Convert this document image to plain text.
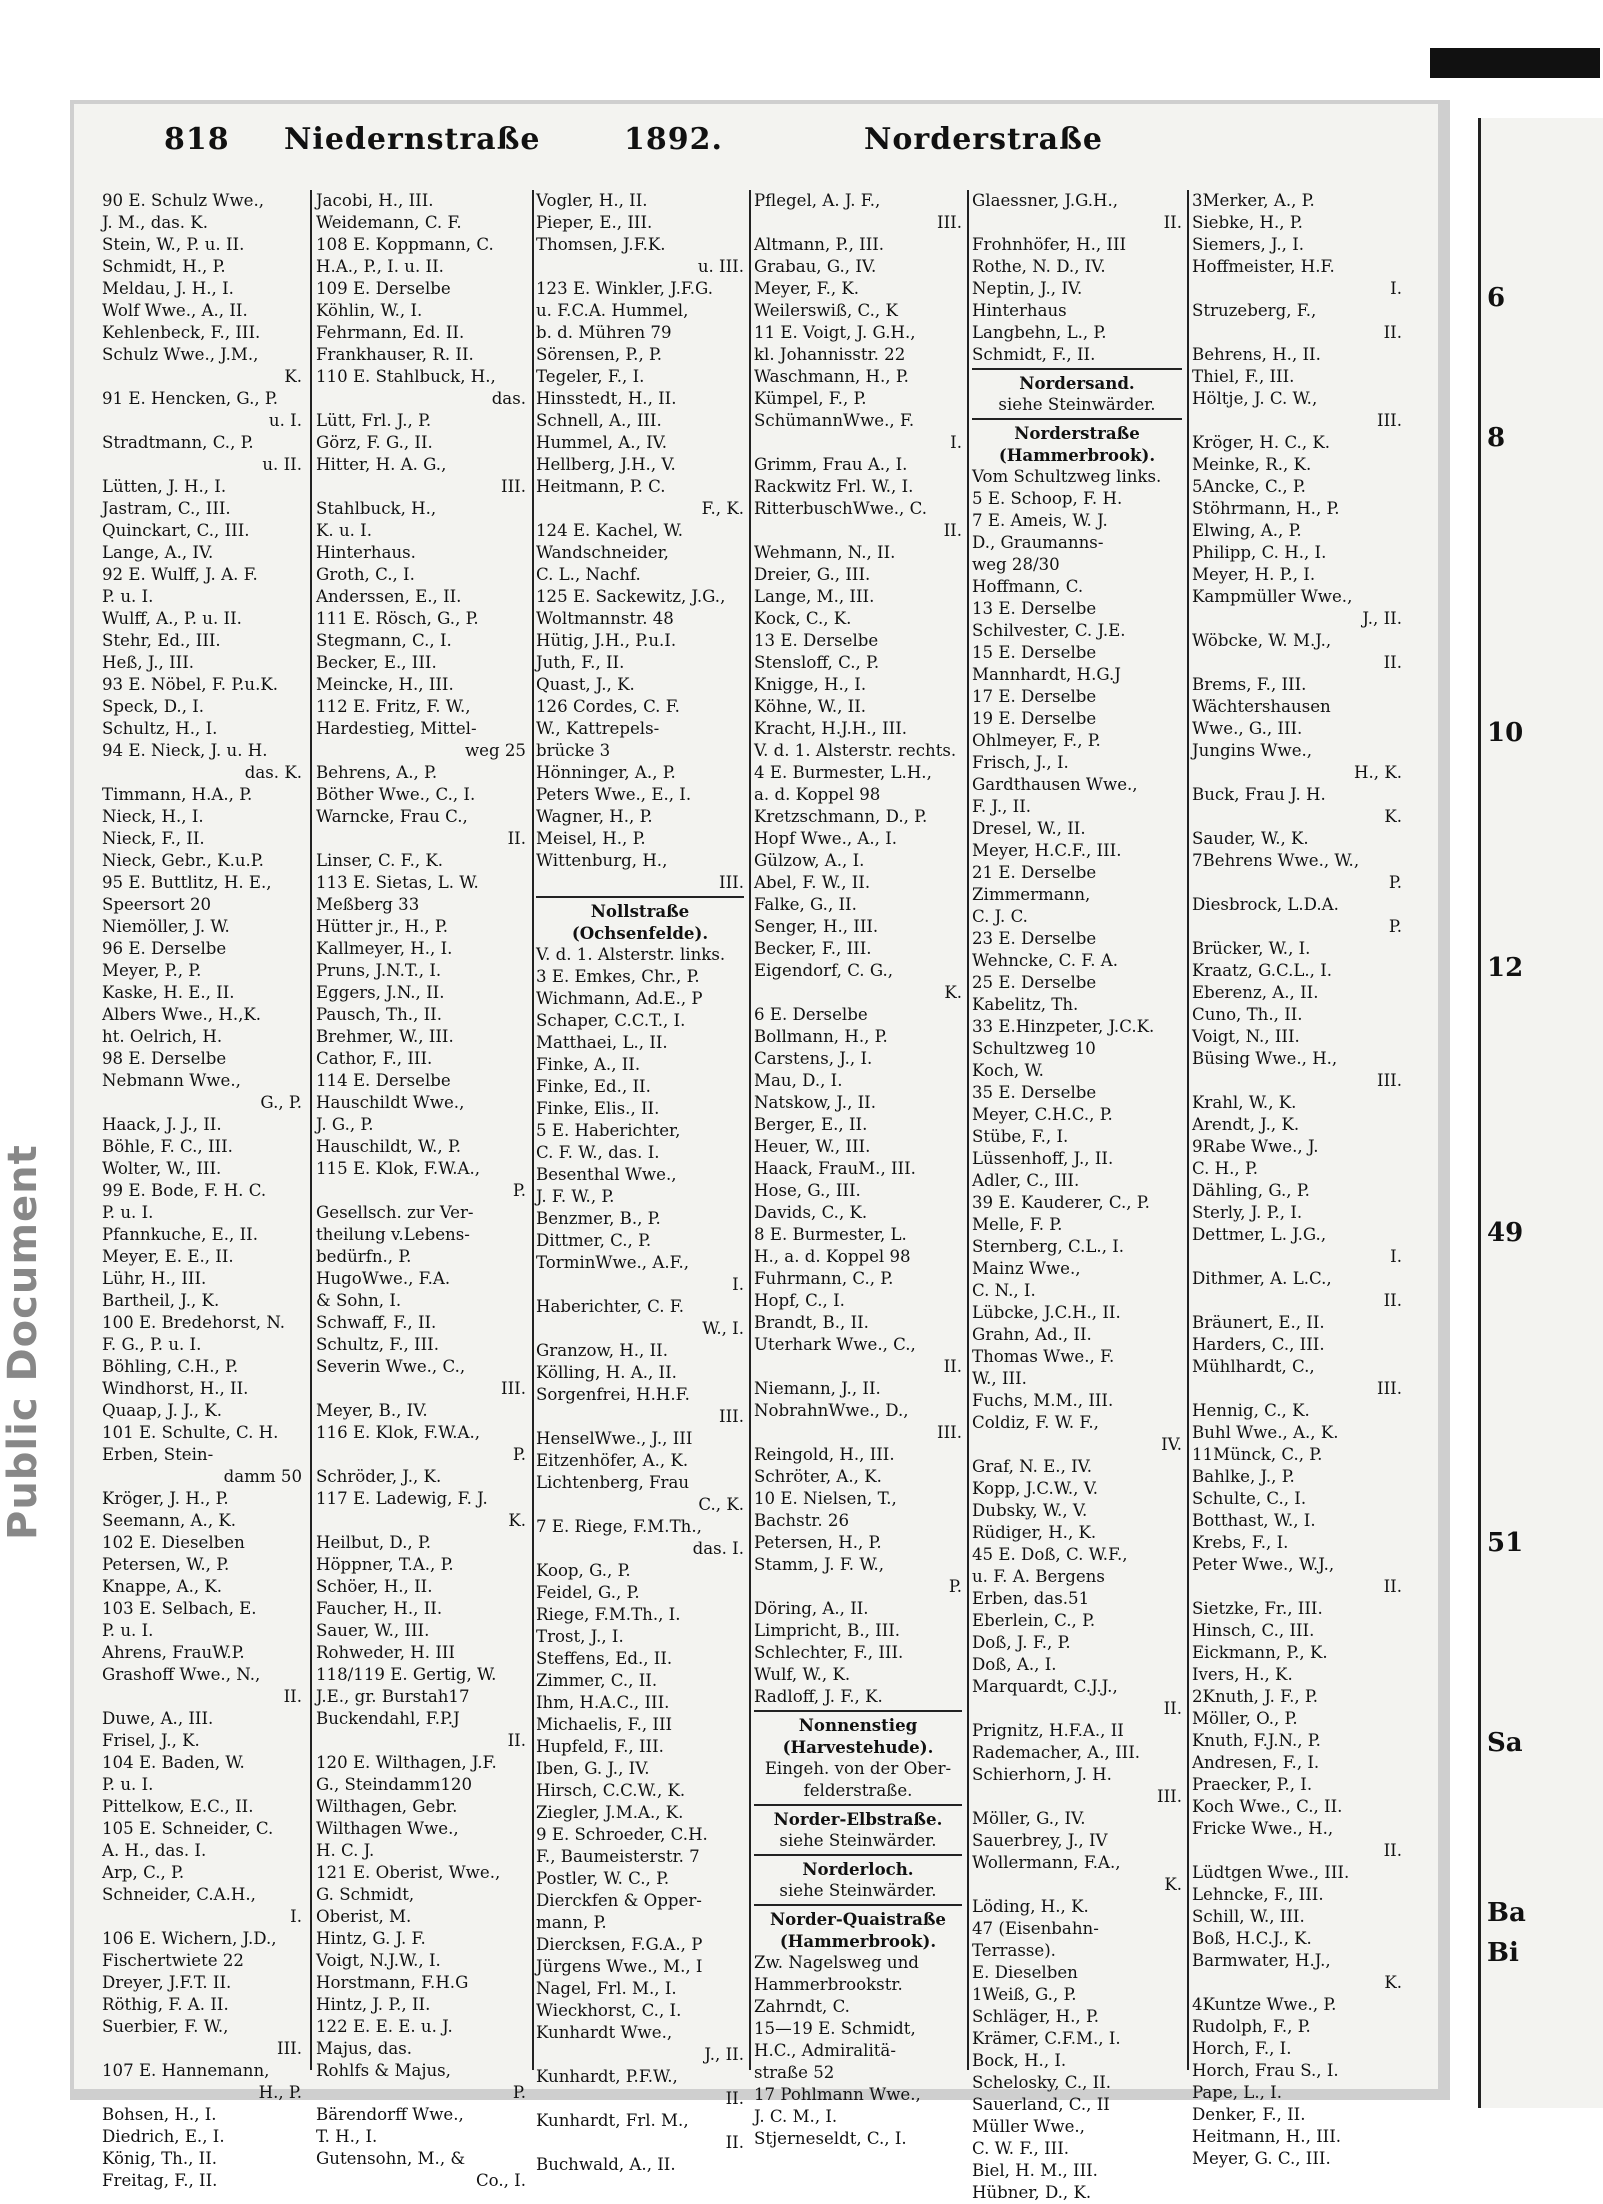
Public Document
818 Niedernstraße	1892.	Norderstraße
90 E. Schulz Wwe.,
J. M., das. K.
Stein, W., P. u. II.
Schmidt, H., P.
Meldau, J. H., I.
Wolf Wwe., A., II.
Kehlenbeck, F., III.
Schulz Wwe., J.M.,
K.
91 E. Hencken, G., P.
u. I.
Stradtmann, C., P.
u. II.
Lütten, J. H., I.
Jastram, C., III.
Quinckart, C., III.
Lange, A., IV.
92 E. Wulff, J. A. F.
P. u. I.
Wulff, A., P. u. II.
Stehr, Ed., III.
Heß, J., III.
93 E. Nöbel, F. P.u.K.
Speck, D., I.
Schultz, H., I.
94 E. Nieck, J. u. H.
das. K.
Timmann, H.A., P.
Nieck, H., I.
Nieck, F., II.
Nieck, Gebr., K.u.P.
95 E. Buttlitz, H. E.,
Speersort 20
Niemöller, J. W.
96 E. Derselbe
Meyer, P., P.
Kaske, H. E., II.
Albers Wwe., H.,K.
ht. Oelrich, H.
98 E. Derselbe
Nebmann Wwe.,
G., P.
Haack, J. J., II.
Böhle, F. C., III.
Wolter, W., III.
99 E. Bode, F. H. C.
P. u. I.
Pfannkuche, E., II.
Meyer, E. E., II.
Lühr, H., III.
Bartheil, J., K.
100 E. Bredehorst, N.
F. G., P. u. I.
Böhling, C.H., P.
Windhorst, H., II.
Quaap, J. J., K.
101 E. Schulte, C. H.
Erben, Stein-
damm 50
Kröger, J. H., P.
Seemann, A., K.
102 E. Dieselben
Petersen, W., P.
Knappe, A., K.
103 E. Selbach, E.
P. u. I.
Ahrens, FrauW.P.
Grashoff Wwe., N.,
II.
Duwe, A., III.
Frisel, J., K.
104 E. Baden, W.
P. u. I.
Pittelkow, E.C., II.
105 E. Schneider, C.
A. H., das. I.
Arp, C., P.
Schneider, C.A.H.,
I.
106 E. Wichern, J.D.,
Fischertwiete 22
Dreyer, J.F.T. II.
Röthig, F. A. II.
Suerbier, F. W.,
III.
107 E. Hannemann,
H., P.
Bohsen, H., I.
Diedrich, E., I.
König, Th., II.
Freitag, F., II.
Jacobi, H., III.
Weidemann, C. F.
108 E. Koppmann, C.
H.A., P., I. u. II.
109 E. Derselbe
Köhlin, W., I.
Fehrmann, Ed. II.
Frankhauser, R. II.
110 E. Stahlbuck, H.,
das.
Lütt, Frl. J., P.
Görz, F. G., II.
Hitter, H. A. G.,
III.
Stahlbuck, H.,
K. u. I.
Hinterhaus.
Groth, C., I.
Anderssen, E., II.
111 E. Rösch, G., P.
Stegmann, C., I.
Becker, E., III.
Meincke, H., III.
112 E. Fritz, F. W.,
Hardestieg, Mittel-
weg 25
Behrens, A., P.
Böther Wwe., C., I.
Warncke, Frau C.,
II.
Linser, C. F., K.
113 E. Sietas, L. W.
Meßberg 33
Hütter jr., H., P.
Kallmeyer, H., I.
Pruns, J.N.T., I.
Eggers, J.N., II.
Pausch, Th., II.
Brehmer, W., III.
Cathor, F., III.
114 E. Derselbe
Hauschildt Wwe.,
J. G., P.
Hauschildt, W., P.
115 E. Klok, F.W.A.,
P.
Gesellsch. zur Ver-
theilung v.Lebens-
bedürfn., P.
HugoWwe., F.A.
& Sohn, I.
Schwaff, F., II.
Schultz, F., III.
Severin Wwe., C.,
III.
Meyer, B., IV.
116 E. Klok, F.W.A.,
P.
Schröder, J., K.
117 E. Ladewig, F. J.
K.
Heilbut, D., P.
Höppner, T.A., P.
Schöer, H., II.
Faucher, H., II.
Sauer, W., III.
Rohweder, H. III
118/119 E. Gertig, W.
J.E., gr. Burstah17
Buckendahl, F.P.J
II.
120 E. Wilthagen, J.F.
G., Steindamm120
Wilthagen, Gebr.
Wilthagen Wwe.,
H. C. J.
121 E. Oberist, Wwe.,
G. Schmidt,
Oberist, M.
Hintz, G. J. F.
Voigt, N.J.W., I.
Horstmann, F.H.G
Hintz, J. P., II.
122 E. E. E. u. J.
Majus, das.
Rohlfs & Majus,
P.
Bärendorff Wwe.,
T. H., I.
Gutensohn, M., &
Co., I.
Vogler, H., II.
Pieper, E., III.
Thomsen, J.F.K.
u. III.
123 E. Winkler, J.F.G.
u. F.C.A. Hummel,
b. d. Mühren 79
Sörensen, P., P.
Tegeler, F., I.
Hinsstedt, H., II.
Schnell, A., III.
Hummel, A., IV.
Hellberg, J.H., V.
Heitmann, P. C.
F., K.
124 E. Kachel, W.
Wandschneider,
C. L., Nachf.
125 E. Sackewitz, J.G.,
Woltmannstr. 48
Hütig, J.H., P.u.I.
Juth, F., II.
Quast, J., K.
126 Cordes, C. F.
W., Kattrepels-
brücke 3
Hönninger, A., P.
Peters Wwe., E., I.
Wagner, H., P.
Meisel, H., P.
Wittenburg, H.,
III.
Nollstraße
(Ochsenfelde).
V. d. 1. Alsterstr. links.
3 E. Emkes, Chr., P.
Wichmann, Ad.E., P
Schaper, C.C.T., I.
Matthaei, L., II.
Finke, A., II.
Finke, Ed., II.
Finke, Elis., II.
5 E. Haberichter,
C. F. W., das. I.
Besenthal Wwe.,
J. F. W., P.
Benzmer, B., P.
Dittmer, C., P.
TorminWwe., A.F.,
I.
Haberichter, C. F.
W., I.
Granzow, H., II.
Kölling, H. A., II.
Sorgenfrei, H.H.F.
III.
HenselWwe., J., III
Eitzenhöfer, A., K.
Lichtenberg, Frau
C., K.
7 E. Riege, F.M.Th.,
das. I.
Koop, G., P.
Feidel, G., P.
Riege, F.M.Th., I.
Trost, J., I.
Steffens, Ed., II.
Zimmer, C., II.
Ihm, H.A.C., III.
Michaelis, F., III
Hupfeld, F., III.
Iben, G. J., IV.
Hirsch, C.C.W., K.
Ziegler, J.M.A., K.
9 E. Schroeder, C.H.
F., Baumeisterstr. 7
Postler, W. C., P.
Dierckfen & Opper-
mann, P.
Diercksen, F.G.A., P
Jürgens Wwe., M., I
Nagel, Frl. M., I.
Wieckhorst, C., I.
Kunhardt Wwe.,
J., II.
Kunhardt, P.F.W.,
II.
Kunhardt, Frl. M.,
II.
Buchwald, A., II.
Pflegel, A. J. F.,
III.
Altmann, P., III.
Grabau, G., IV.
Meyer, F., K.
Weilerswiß, C., K
11 E. Voigt, J. G.H.,
kl. Johannisstr. 22
Waschmann, H., P.
Kümpel, F., P.
SchümannWwe., F.
I.
Grimm, Frau A., I.
Rackwitz Frl. W., I.
RitterbuschWwe., C.
II.
Wehmann, N., II.
Dreier, G., III.
Lange, M., III.
Kock, C., K.
13 E. Derselbe
Stensloff, C., P.
Knigge, H., I.
Köhne, W., II.
Kracht, H.J.H., III.
V. d. 1. Alsterstr. rechts.
4 E. Burmester, L.H.,
a. d. Koppel 98
Kretzschmann, D., P.
Hopf Wwe., A., I.
Gülzow, A., I.
Abel, F. W., II.
Falke, G., II.
Senger, H., III.
Becker, F., III.
Eigendorf, C. G.,
K.
6 E. Derselbe
Bollmann, H., P.
Carstens, J., I.
Mau, D., I.
Natskow, J., II.
Berger, E., II.
Heuer, W., III.
Haack, FrauM., III.
Hose, G., III.
Davids, C., K.
8 E. Burmester, L.
H., a. d. Koppel 98
Fuhrmann, C., P.
Hopf, C., I.
Brandt, B., II.
Uterhark Wwe., C.,
II.
Niemann, J., II.
NobrahnWwe., D.,
III.
Reingold, H., III.
Schröter, A., K.
10 E. Nielsen, T.,
Bachstr. 26
Petersen, H., P.
Stamm, J. F. W.,
P.
Döring, A., II.
Limpricht, B., III.
Schlechter, F., III.
Wulf, W., K.
Radloff, J. F., K.
Nonnenstieg
(Harvestehude).
Eingeh. von der Ober-
felderstraße.
Norder-Elbstraße.
siehe Steinwärder.
Norderloch.
siehe Steinwärder.
Norder-Quaistraße
(Hammerbrook).
Zw. Nagelsweg und
Hammerbrookstr.
Zahrndt, C.
15—19 E. Schmidt,
H.C., Admiralitä-
straße 52
17 Pohlmann Wwe.,
J. C. M., I.
Stjerneseldt, C., I.
Glaessner, J.G.H.,
II.
Frohnhöfer, H., III
Rothe, N. D., IV.
Neptin, J., IV.
Hinterhaus
Langbehn, L., P.
Schmidt, F., II.
Nordersand.
siehe Steinwärder.
Norderstraße
(Hammerbrook).
Vom Schultzweg links.
5 E. Schoop, F. H.
7 E. Ameis, W. J.
D., Graumanns-
weg 28/30
Hoffmann, C.
13 E. Derselbe
Schilvester, C. J.E.
15 E. Derselbe
Mannhardt, H.G.J
17 E. Derselbe
19 E. Derselbe
Ohlmeyer, F., P.
Frisch, J., I.
Gardthausen Wwe.,
F. J., II.
Dresel, W., II.
Meyer, H.C.F., III.
21 E. Derselbe
Zimmermann,
C. J. C.
23 E. Derselbe
Wehncke, C. F. A.
25 E. Derselbe
Kabelitz, Th.
33 E.Hinzpeter, J.C.K.
Schultzweg 10
Koch, W.
35 E. Derselbe
Meyer, C.H.C., P.
Stübe, F., I.
Lüssenhoff, J., II.
Adler, C., III.
39 E. Kauderer, C., P.
Melle, F. P.
Sternberg, C.L., I.
Mainz Wwe.,
C. N., I.
Lübcke, J.C.H., II.
Grahn, Ad., II.
Thomas Wwe., F.
W., III.
Fuchs, M.M., III.
Coldiz, F. W. F.,
IV.
Graf, N. E., IV.
Kopp, J.C.W., V.
Dubsky, W., V.
Rüdiger, H., K.
45 E. Doß, C. W.F.,
u. F. A. Bergens
Erben, das.51
Eberlein, C., P.
Doß, J. F., P.
Doß, A., I.
Marquardt, C.J.J.,
II.
Prignitz, H.F.A., II
Rademacher, A., III.
Schierhorn, J. H.
III.
Möller, G., IV.
Sauerbrey, J., IV
Wollermann, F.A.,
K.
Löding, H., K.
47 (Eisenbahn-
Terrasse).
E. Dieselben
1Weiß, G., P.
Schläger, H., P.
Krämer, C.F.M., I.
Bock, H., I.
Schelosky, C., II.
Sauerland, C., II
Müller Wwe.,
C. W. F., III.
Biel, H. M., III.
Hübner, D., K.
3Merker, A., P.
Siebke, H., P.
Siemers, J., I.
Hoffmeister, H.F.
I.
Struzeberg, F.,
II.
Behrens, H., II.
Thiel, F., III.
Höltje, J. C. W.,
III.
Kröger, H. C., K.
Meinke, R., K.
5Ancke, C., P.
Stöhrmann, H., P.
Elwing, A., P.
Philipp, C. H., I.
Meyer, H. P., I.
Kampmüller Wwe.,
J., II.
Wöbcke, W. M.J.,
II.
Brems, F., III.
Wächtershausen
Wwe., G., III.
Jungins Wwe.,
H., K.
Buck, Frau J. H.
K.
Sauder, W., K.
7Behrens Wwe., W.,
P.
Diesbrock, L.D.A.
P.
Brücker, W., I.
Kraatz, G.C.L., I.
Eberenz, A., II.
Cuno, Th., II.
Voigt, N., III.
Büsing Wwe., H.,
III.
Krahl, W., K.
Arendt, J., K.
9Rabe Wwe., J.
C. H., P.
Dähling, G., P.
Sterly, J. P., I.
Dettmer, L. J.G.,
I.
Dithmer, A. L.C.,
II.
Bräunert, E., II.
Harders, C., III.
Mühlhardt, C.,
III.
Hennig, C., K.
Buhl Wwe., A., K.
11Münck, C., P.
Bahlke, J., P.
Schulte, C., I.
Botthast, W., I.
Krebs, F., I.
Peter Wwe., W.J.,
II.
Sietzke, Fr., III.
Hinsch, C., III.
Eickmann, P., K.
Ivers, H., K.
2Knuth, J. F., P.
Möller, O., P.
Knuth, F.J.N., P.
Andresen, F., I.
Praecker, P., I.
Koch Wwe., C., II.
Fricke Wwe., H.,
II.
Lüdtgen Wwe., III.
Lehncke, F., III.
Schill, W., III.
Boß, H.C.J., K.
Barmwater, H.J.,
K.
4Kuntze Wwe., P.
Rudolph, F., P.
Horch, F., I.
Horch, Frau S., I.
Pape, L., I.
Denker, F., II.
Heitmann, H., III.
Meyer, G. C., III.
6
8
10
12
49
51
Sa
Ba
Bi
